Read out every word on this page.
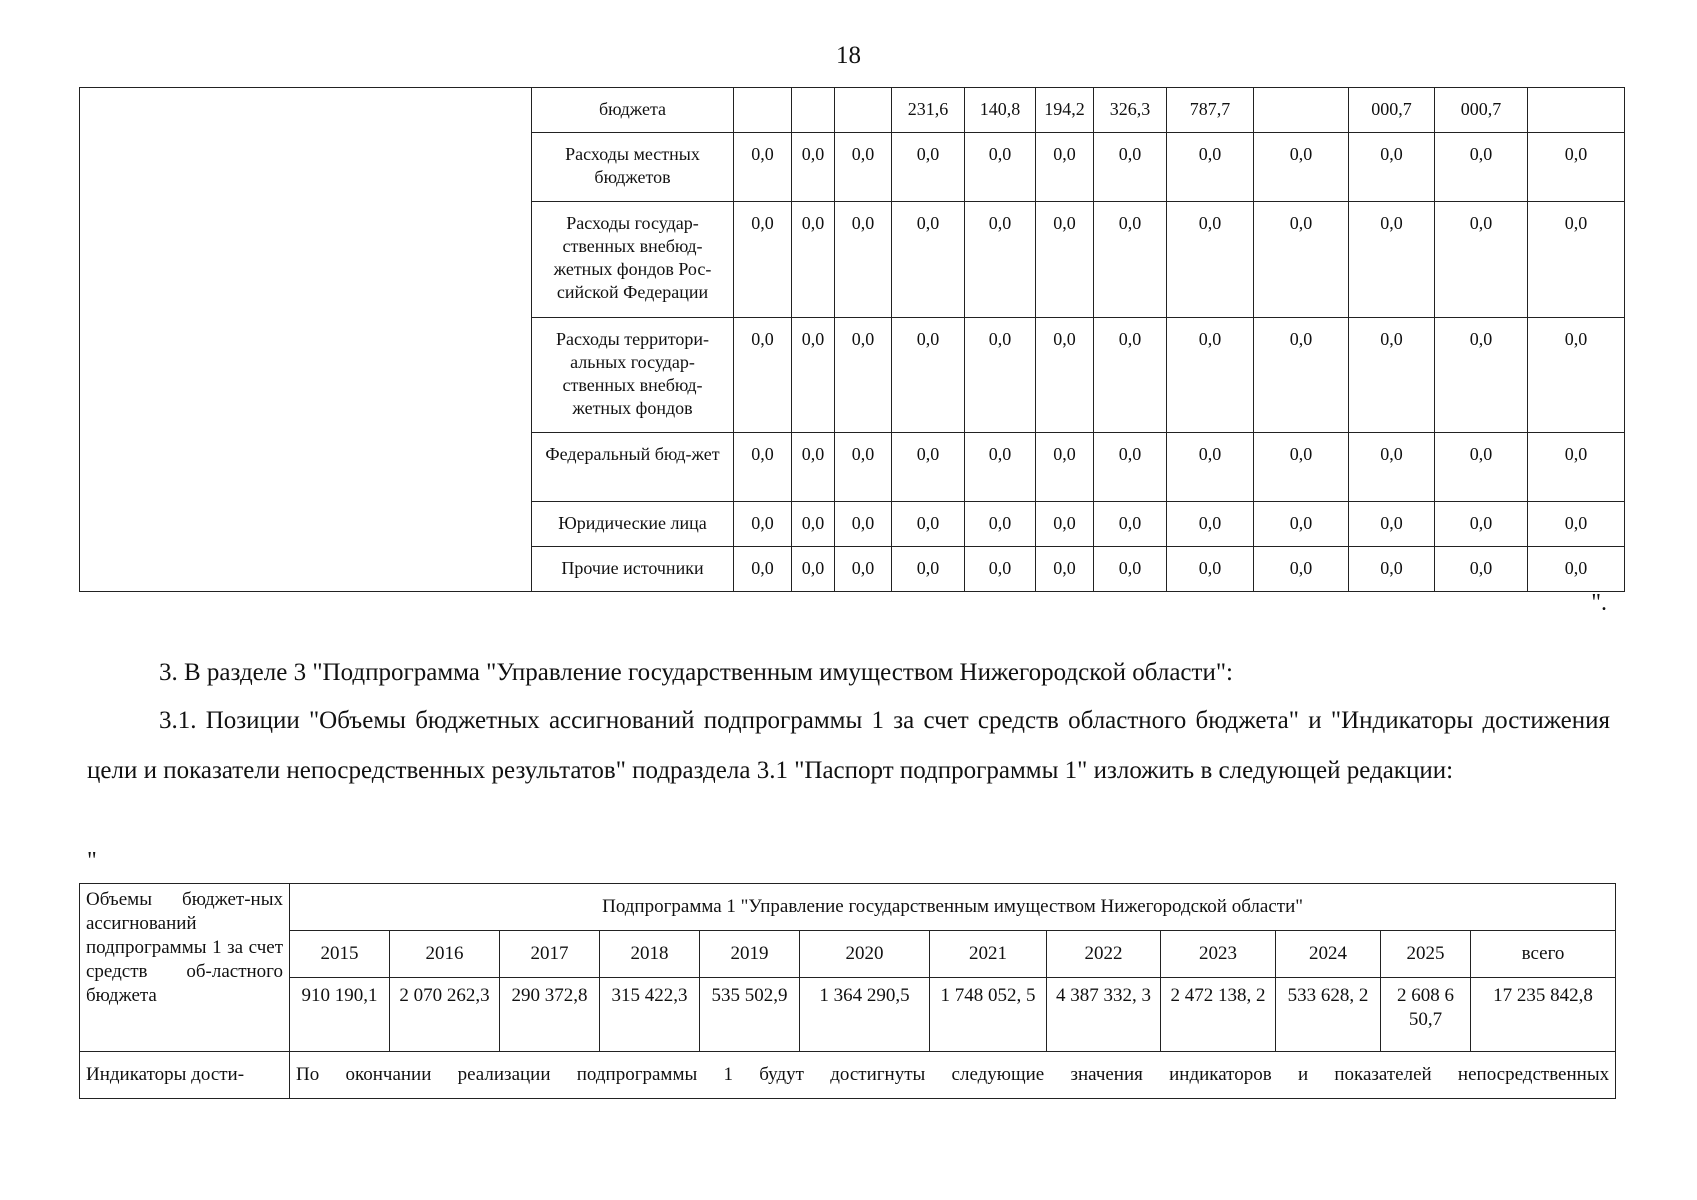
18
	бюджета				231,6	140,8	194,2	326,3	787,7		000,7	000,7	
	Расходы местных бюджетов	0,0	0,0	0,0	0,0	0,0	0,0	0,0	0,0	0,0	0,0	0,0	0,0
	Расходы государ-ственных внебюд-жетных фондов Рос-сийской Федерации	0,0	0,0	0,0	0,0	0,0	0,0	0,0	0,0	0,0	0,0	0,0	0,0
	Расходы территори-альных государ-ственных внебюд-жетных фондов	0,0	0,0	0,0	0,0	0,0	0,0	0,0	0,0	0,0	0,0	0,0	0,0
	Федеральный бюд-жет	0,0	0,0	0,0	0,0	0,0	0,0	0,0	0,0	0,0	0,0	0,0	0,0
	Юридические лица	0,0	0,0	0,0	0,0	0,0	0,0	0,0	0,0	0,0	0,0	0,0	0,0
	Прочие источники	0,0	0,0	0,0	0,0	0,0	0,0	0,0	0,0	0,0	0,0	0,0	0,0
".
3. В разделе 3 "Подпрограмма "Управление государственным имуществом Нижегородской области":
3.1. Позиции "Объемы бюджетных ассигнований подпрограммы 1 за счет средств областного бюджета" и "Индикаторы достижения цели и показатели непосредственных результатов" подраздела 3.1 "Паспорт подпрограммы 1" изложить в следующей редакции:
"
Объемы бюджет-ных ассигнований подпрограммы 1 за счет средств об-ластного бюджета	Подпрограмма 1 "Управление государственным имуществом Нижегородской области"											
	2015	2016	2017	2018	2019	2020	2021	2022	2023	2024	2025	всего
	910 190,1	2 070 262,3	290 372,8	315 422,3	535 502,9	1 364 290,5	1 748 052, 5	4 387 332, 3	2 472 138, 2	533 628, 2	2 608 6 50,7	17 235 842,8
Индикаторы дости-	По окончании реализации подпрограммы 1 будут достигнуты следующие значения индикаторов и показателей непосредственных											
